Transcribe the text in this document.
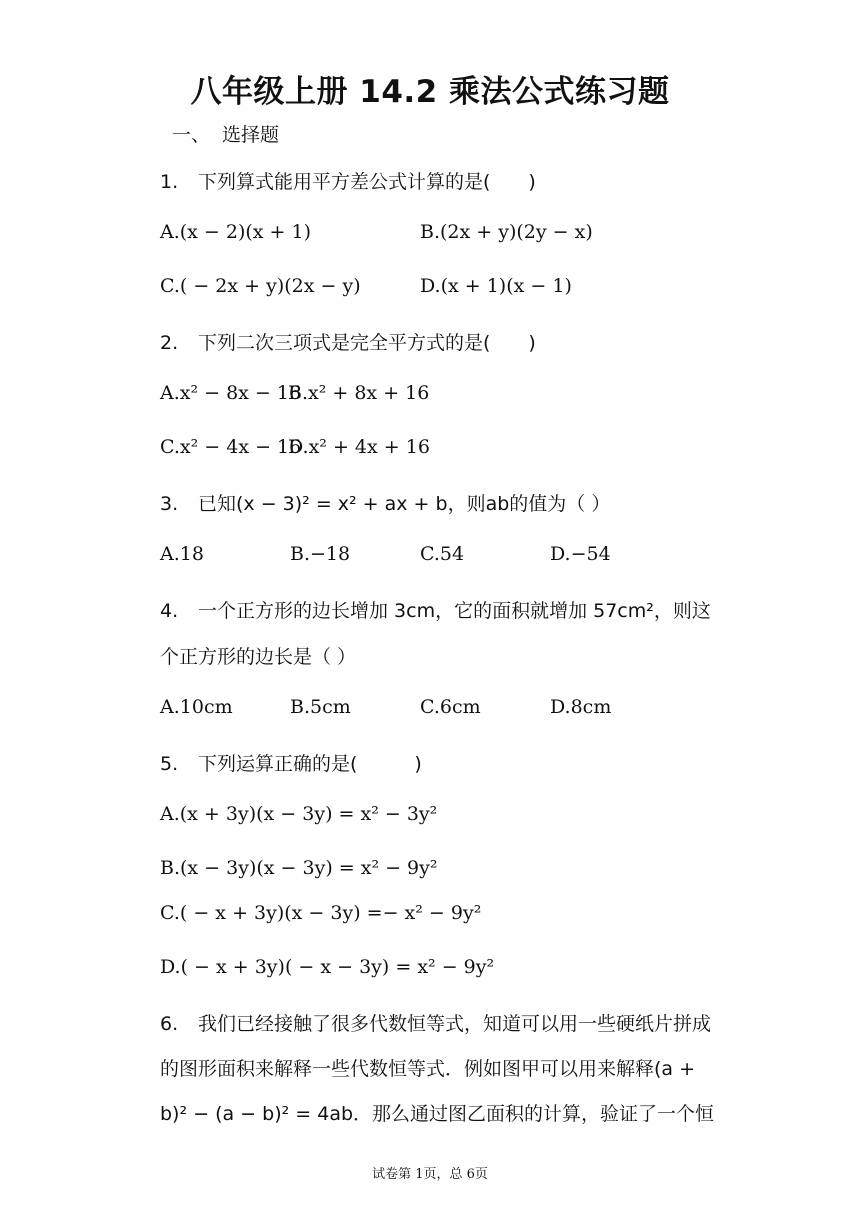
八年级上册 14.2 乘法公式练习题
一、 选择题
1. 下列算式能用平方差公式计算的是(　　)
A.(x − 2)(x + 1)	B.(2x + y)(2y − x)
C.( − 2x + y)(2x − y)	D.(x + 1)(x − 1)
2. 下列二次三项式是完全平方式的是(　　)
A.x² − 8x − 16
B.x² + 8x + 16
C.x² − 4x − 16
D.x² + 4x + 16
3. 已知(x − 3)² = x² + ax + b，则ab的值为（ ）
A.18	B.−18	C.54	D.−54
4. 一个正方形的边长增加 3cm，它的面积就增加 57cm²，则这
个正方形的边长是（ ）
A.10cm	B.5cm	C.6cm	D.8cm
5. 下列运算正确的是(　　　)
A.(x + 3y)(x − 3y) = x² − 3y²
B.(x − 3y)(x − 3y) = x² − 9y²
C.( − x + 3y)(x − 3y) =− x² − 9y²
D.( − x + 3y)( − x − 3y) = x² − 9y²
6. 我们已经接触了很多代数恒等式，知道可以用一些硬纸片拼成
的图形面积来解释一些代数恒等式．例如图甲可以用来解释(a +
b)² − (a − b)² = 4ab．那么通过图乙面积的计算，验证了一个恒
试卷第 1页，总 6页
